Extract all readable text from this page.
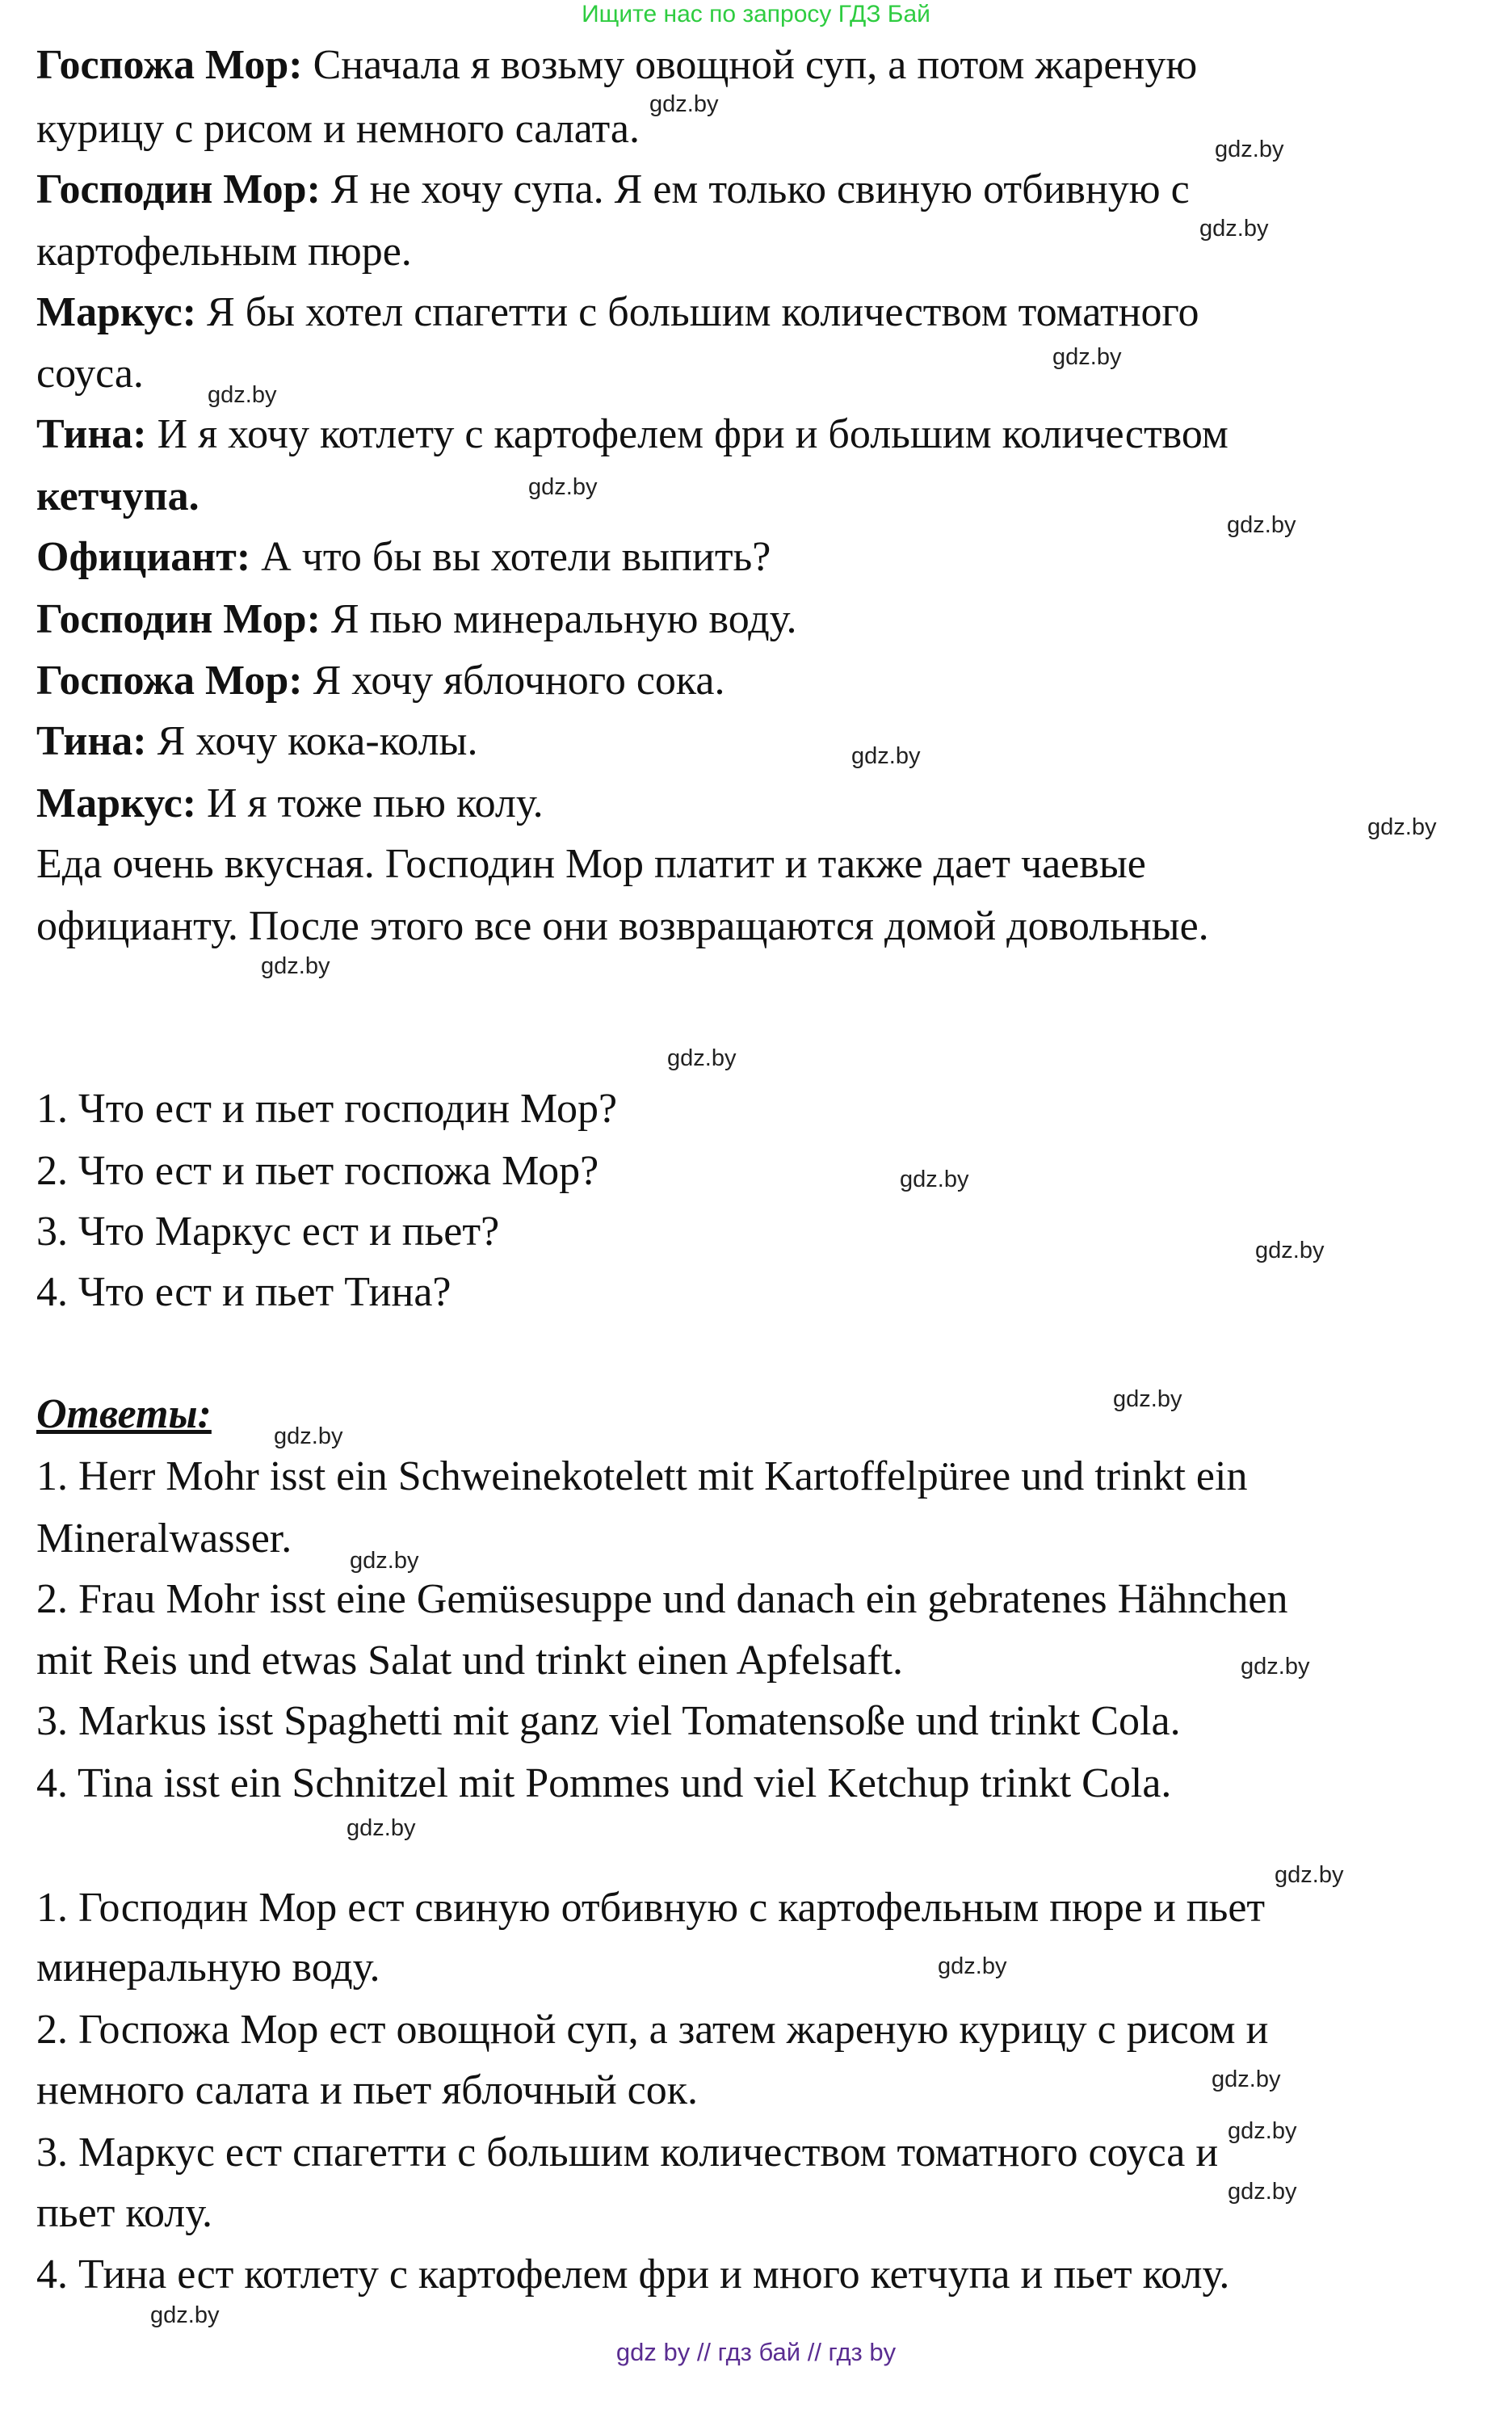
Ищите нас по запросу ГДЗ Бай
Госпожа Мор: Сначала я возьму овощной суп, а потом жареную
курицу с рисом и немного салата.
Господин Мор: Я не хочу супа. Я ем только свиную отбивную с
картофельным пюре.
Маркус: Я бы хотел спагетти с большим количеством томатного
соуса.
Тина: И я хочу котлету с картофелем фри и большим количеством
кетчупа.
Официант: А что бы вы хотели выпить?
Господин Мор: Я пью минеральную воду.
Госпожа Мор: Я хочу яблочного сока.
Тина: Я хочу кока-колы.
Маркус: И я тоже пью колу.
Еда очень вкусная. Господин Мор платит и также дает чаевые
официанту. После этого все они возвращаются домой довольные.
1. Что ест и пьет господин Мор?
2. Что ест и пьет госпожа Мор?
3. Что Маркус ест и пьет?
4. Что ест и пьет Тина?
Ответы:
1. Herr Mohr isst ein Schweinekotelett mit Kartoffelpüree und trinkt ein
Mineralwasser.
2. Frau Mohr isst eine Gemüsesuppe und danach ein gebratenes Hähnchen
mit Reis und etwas Salat und trinkt einen Apfelsaft.
3. Markus isst Spaghetti mit ganz viel Tomatensoße und trinkt Cola.
4. Tina isst ein Schnitzel mit Pommes und viel Ketchup trinkt Cola.
1. Господин Мор ест свиную отбивную с картофельным пюре и пьет
минеральную воду.
2. Госпожа Мор ест овощной суп, а затем жареную курицу с рисом и
немного салата и пьет яблочный сок.
3. Маркус ест спагетти с большим количеством томатного соуса и
пьет колу.
4. Тина ест котлету с картофелем фри и много кетчупа и пьет колу.
gdz.by
gdz.by
gdz.by
gdz.by
gdz.by
gdz.by
gdz.by
gdz.by
gdz.by
gdz.by
gdz.by
gdz.by
gdz.by
gdz.by
gdz.by
gdz.by
gdz.by
gdz.by
gdz.by
gdz.by
gdz.by
gdz.by
gdz.by
gdz.by
gdz by // гдз бай // гдз by
